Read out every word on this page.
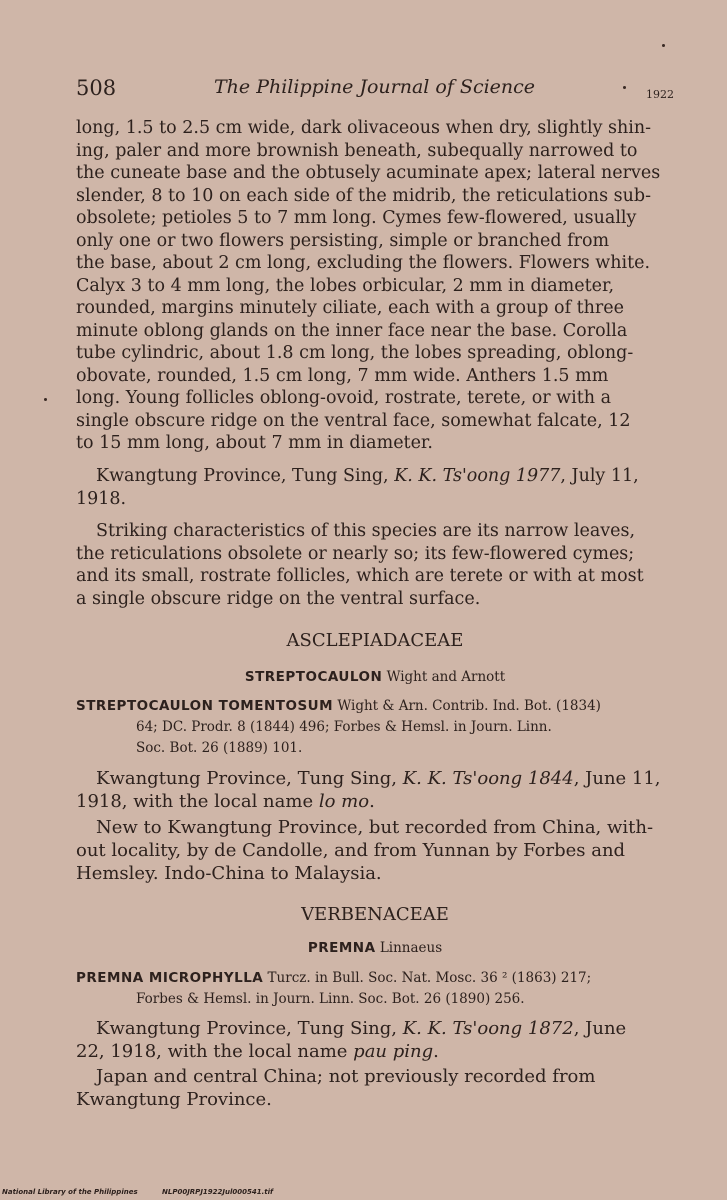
508	The Philippine Journal of Science	1922
long, 1.5 to 2.5 cm wide, dark olivaceous when dry, slightly shin-
ing, paler and more brownish beneath, subequally narrowed to
the cuneate base and the obtusely acuminate apex; lateral nerves
slender, 8 to 10 on each side of the midrib, the reticulations sub-
obsolete; petioles 5 to 7 mm long. Cymes few-flowered, usually
only one or two flowers persisting, simple or branched from
the base, about 2 cm long, excluding the flowers. Flowers white.
Calyx 3 to 4 mm long, the lobes orbicular, 2 mm in diameter,
rounded, margins minutely ciliate, each with a group of three
minute oblong glands on the inner face near the base. Corolla
tube cylindric, about 1.8 cm long, the lobes spreading, oblong-
obovate, rounded, 1.5 cm long, 7 mm wide. Anthers 1.5 mm
long. Young follicles oblong-ovoid, rostrate, terete, or with a
single obscure ridge on the ventral face, somewhat falcate, 12
to 15 mm long, about 7 mm in diameter.
Kwangtung Province, Tung Sing, K. K. Ts'oong 1977, July 11,
1918.
Striking characteristics of this species are its narrow leaves,
the reticulations obsolete or nearly so; its few-flowered cymes;
and its small, rostrate follicles, which are terete or with at most
a single obscure ridge on the ventral surface.
ASCLEPIADACEAE
STREPTOCAULON Wight and Arnott
STREPTOCAULON TOMENTOSUM Wight & Arn. Contrib. Ind. Bot. (1834)
64; DC. Prodr. 8 (1844) 496; Forbes & Hemsl. in Journ. Linn.
Soc. Bot. 26 (1889) 101.
Kwangtung Province, Tung Sing, K. K. Ts'oong 1844, June 11,
1918, with the local name lo mo.
New to Kwangtung Province, but recorded from China, with-
out locality, by de Candolle, and from Yunnan by Forbes and
Hemsley. Indo-China to Malaysia.
VERBENACEAE
PREMNA Linnaeus
PREMNA MICROPHYLLA Turcz. in Bull. Soc. Nat. Mosc. 36 ² (1863) 217;
Forbes & Hemsl. in Journ. Linn. Soc. Bot. 26 (1890) 256.
Kwangtung Province, Tung Sing, K. K. Ts'oong 1872, June
22, 1918, with the local name pau ping.
Japan and central China; not previously recorded from
Kwangtung Province.
National Library of the Philippines	NLP00JRPJ1922Jul000541.tif
